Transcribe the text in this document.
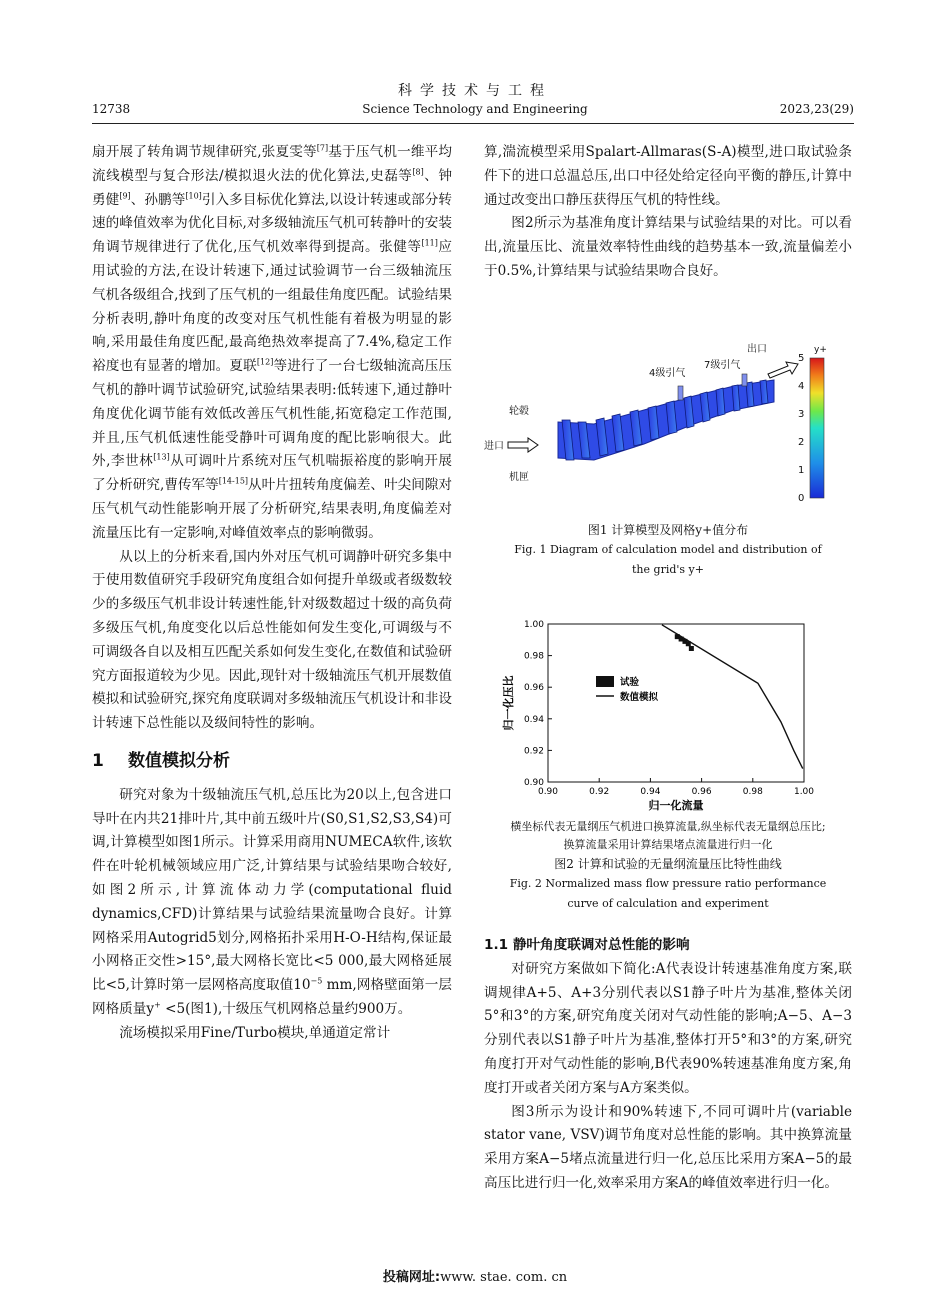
科学技术与工程
12738	Science Technology and Engineering	2023,23(29)

扇开展了转角调节规律研究,张夏雯等[7]基于压气机一维平均流线模型与复合形法/模拟退火法的优化算法,史磊等[8]、钟勇健[9]、孙鹏等[10]引入多目标优化算法,以设计转速或部分转速的峰值效率为优化目标,对多级轴流压气机可转静叶的安装角调节规律进行了优化,压气机效率得到提高。张健等[11]应用试验的方法,在设计转速下,通过试验调节一台三级轴流压气机各级组合,找到了压气机的一组最佳角度匹配。试验结果分析表明,静叶角度的改变对压气机性能有着极为明显的影响,采用最佳角度匹配,最高绝热效率提高了7.4%,稳定工作裕度也有显著的增加。夏联[12]等进行了一台七级轴流高压压气机的静叶调节试验研究,试验结果表明:低转速下,通过静叶角度优化调节能有效低改善压气机性能,拓宽稳定工作范围,并且,压气机低速性能受静叶可调角度的配比影响很大。此外,李世林[13]从可调叶片系统对压气机喘振裕度的影响开展了分析研究,曹传军等[14-15]从叶片扭转角度偏差、叶尖间隙对压气机气动性能影响开展了分析研究,结果表明,角度偏差对流量压比有一定影响,对峰值效率点的影响微弱。

从以上的分析来看,国内外对压气机可调静叶研究多集中于使用数值研究手段研究角度组合如何提升单级或者级数较少的多级压气机非设计转速性能,针对级数超过十级的高负荷多级压气机,角度变化以后总性能如何发生变化,可调级与不可调级各自以及相互匹配关系如何发生变化,在数值和试验研究方面报道较为少见。因此,现针对十级轴流压气机开展数值模拟和试验研究,探究角度联调对多级轴流压气机设计和非设计转速下总性能以及级间特性的影响。

1 数值模拟分析

研究对象为十级轴流压气机,总压比为20以上,包含进口导叶在内共21排叶片,其中前五级叶片(S0,S1,S2,S3,S4)可调,计算模型如图1所示。计算采用商用NUMECA软件,该软件在叶轮机械领域应用广泛,计算结果与试验结果吻合较好,如图2所示,计算流体动力学(computational fluid dynamics,CFD)计算结果与试验结果流量吻合良好。计算网格采用Autogrid5划分,网格拓扑采用H-O-H结构,保证最小网格正交性>15°,最大网格长宽比<5 000,最大网格延展比<5,计算时第一层网格高度取值$10^{-5}$ mm,网格壁面第一层网格质量y+ <5(图1),十级压气机网格总量约900万。

流场模拟采用Fine/Turbo模块,单通道定常计

算,湍流模型采用Spalart-Allmaras(S-A)模型,进口取试验条件下的进口总温总压,出口中径处给定径向平衡的静压,计算中通过改变出口静压获得压气机的特性线。

图2所示为基准角度计算结果与试验结果的对比。可以看出,流量压比、流量效率特性曲线的趋势基本一致,流量偏差小于0.5%,计算结果与试验结果吻合良好。

出口
4级引气
7级引气
轮毂
进口
机匣
y+
5
4
3
2
1
0
图1 计算模型及网格y+值分布
Fig. 1 Diagram of calculation model and distribution of
the grid's y+
0.90	0.92	0.94	0.96	0.98	1.00
1.00
0.98
0.96
0.94
0.92
0.90
归一化流量
归一化压比	试验
数值模拟
横坐标代表无量纲压气机进口换算流量,纵坐标代表无量纲总压比;
换算流量采用计算结果堵点流量进行归一化
图2 计算和试验的无量纲流量压比特性曲线
Fig. 2 Normalized mass flow pressure ratio performance
curve of calculation and experiment
1.1 静叶角度联调对总性能的影响

对研究方案做如下简化:A代表设计转速基准角度方案,联调规律A+5、A+3分别代表以S1静子叶片为基准,整体关闭5°和3°的方案,研究角度关闭对气动性能的影响;A−5、A−3分别代表以S1静子叶片为基准,整体打开5°和3°的方案,研究角度打开对气动性能的影响,B代表90%转速基准角度方案,角度打开或者关闭方案与A方案类似。

图3所示为设计和90%转速下,不同可调叶片(variable stator vane, VSV)调节角度对总性能的影响。其中换算流量采用方案A−5堵点流量进行归一化,总压比采用方案A−5的最高压比进行归一化,效率采用方案A的峰值效率进行归一化。

投稿网址:www. stae. com. cn
